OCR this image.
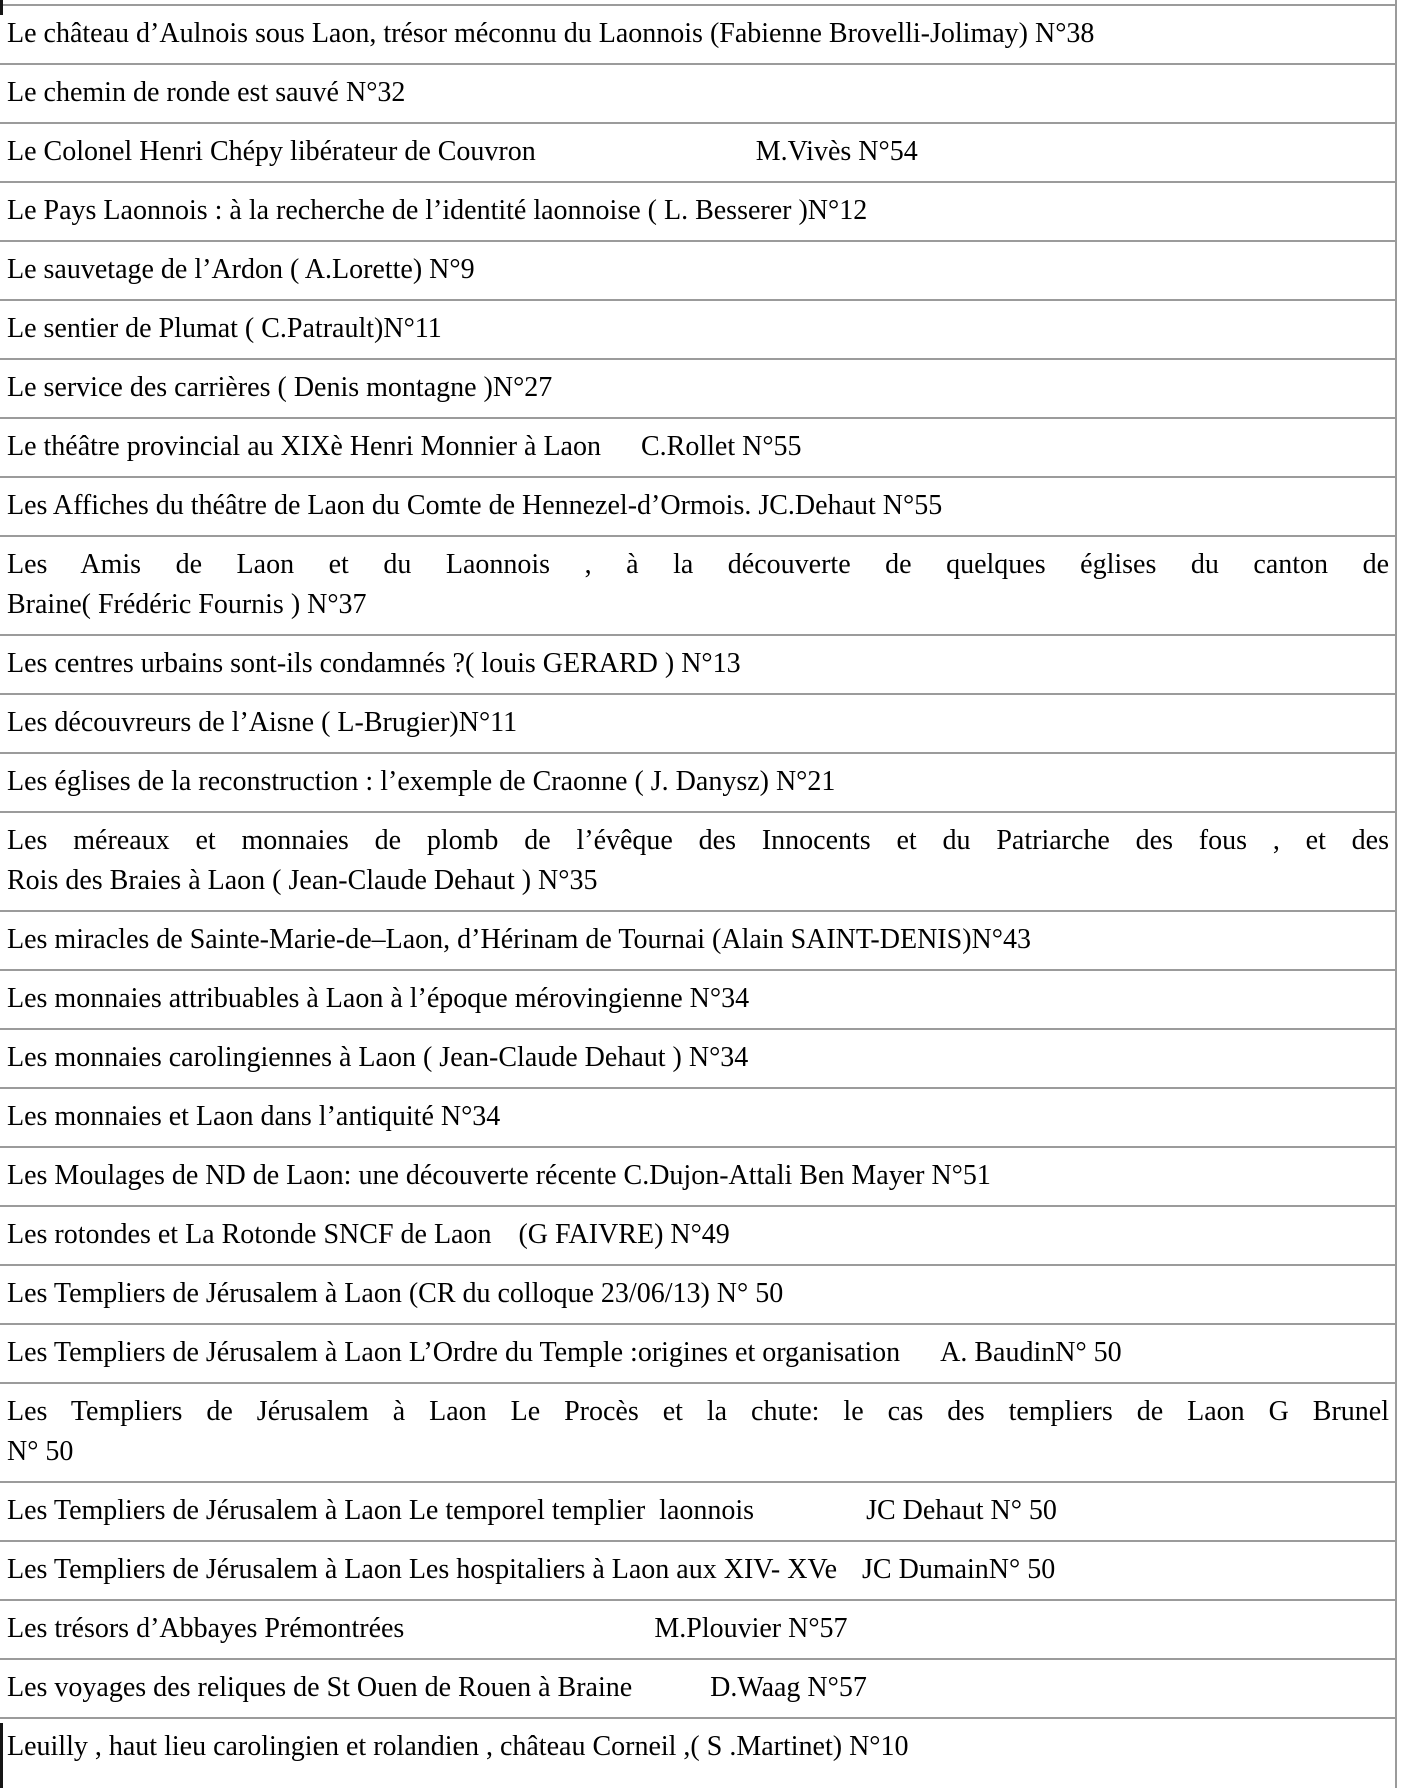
Le château d’Aulnois sous Laon, trésor méconnu du Laonnois (Fabienne Brovelli-Jolimay) N°38
Le chemin de ronde est sauvé N°32
Le Colonel Henri Chépy libérateur de Couvron	M.Vivès N°54
Le Pays Laonnois : à la recherche de l’identité laonnoise ( L. Besserer )N°12
Le sauvetage de l’Ardon ( A.Lorette) N°9
Le sentier de Plumat ( C.Patrault)N°11
Le service des carrières ( Denis montagne )N°27
Le théâtre provincial au XIXè Henri Monnier à Laon C.Rollet N°55
Les Affiches du théâtre de Laon du Comte de Hennezel-d’Ormois. JC.Dehaut N°55
Les Amis de Laon et du Laonnois , à la découverte de quelques églises du canton de
Braine( Frédéric Fournis ) N°37
Les centres urbains sont-ils condamnés ?( louis GERARD ) N°13
Les découvreurs de l’Aisne ( L-Brugier)N°11
Les églises de la reconstruction : l’exemple de Craonne ( J. Danysz) N°21
Les méreaux et monnaies de plomb de l’évêque des Innocents et du Patriarche des fous , et des
Rois des Braies à Laon ( Jean-Claude Dehaut ) N°35
Les miracles de Sainte-Marie-de–Laon, d’Hérinam de Tournai (Alain SAINT-DENIS)N°43
Les monnaies attribuables à Laon à l’époque mérovingienne N°34
Les monnaies carolingiennes à Laon ( Jean-Claude Dehaut ) N°34
Les monnaies et Laon dans l’antiquité N°34
Les Moulages de ND de Laon: une découverte récente C.Dujon-Attali Ben Mayer N°51
Les rotondes et La Rotonde SNCF de Laon (G FAIVRE) N°49
Les Templiers de Jérusalem à Laon (CR du colloque 23/06/13) N° 50
Les Templiers de Jérusalem à Laon L’Ordre du Temple :origines et organisation A. BaudinN° 50
Les Templiers de Jérusalem à Laon Le Procès et la chute: le cas des templiers de Laon G Brunel
N° 50
Les Templiers de Jérusalem à Laon Le temporel templier  laonnois	JC Dehaut N° 50
Les Templiers de Jérusalem à Laon Les hospitaliers à Laon aux XIV- XVe JC DumainN° 50
Les trésors d’Abbayes Prémontrées	M.Plouvier N°57
Les voyages des reliques de St Ouen de Rouen à Braine	D.Waag N°57
Leuilly , haut lieu carolingien et rolandien , château Corneil ,( S .Martinet) N°10
